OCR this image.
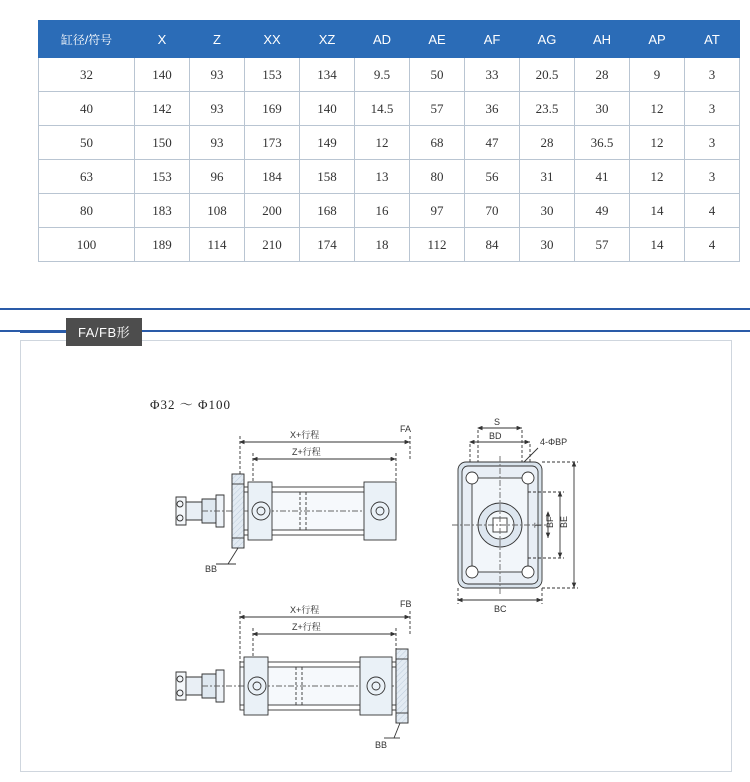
缸径/符号	X	Z	XX	XZ	AD	AE	AF	AG	AH	AP	AT
32	140	93	153	134	9.5	50	33	20.5	28	9	3
40	142	93	169	140	14.5	57	36	23.5	30	12	3
50	150	93	173	149	12	68	47	28	36.5	12	3
63	153	96	184	158	13	80	56	31	41	12	3
80	183	108	200	168	16	97	70	30	49	14	4
100	189	114	210	174	18	112	84	30	57	14	4
FA/FB形
Φ32 ～ Φ100
X+行程
Z+行程
FA
BB
S
BD
4-ΦBP
T BF BE
BC
X+行程
Z+行程
FB
BB
